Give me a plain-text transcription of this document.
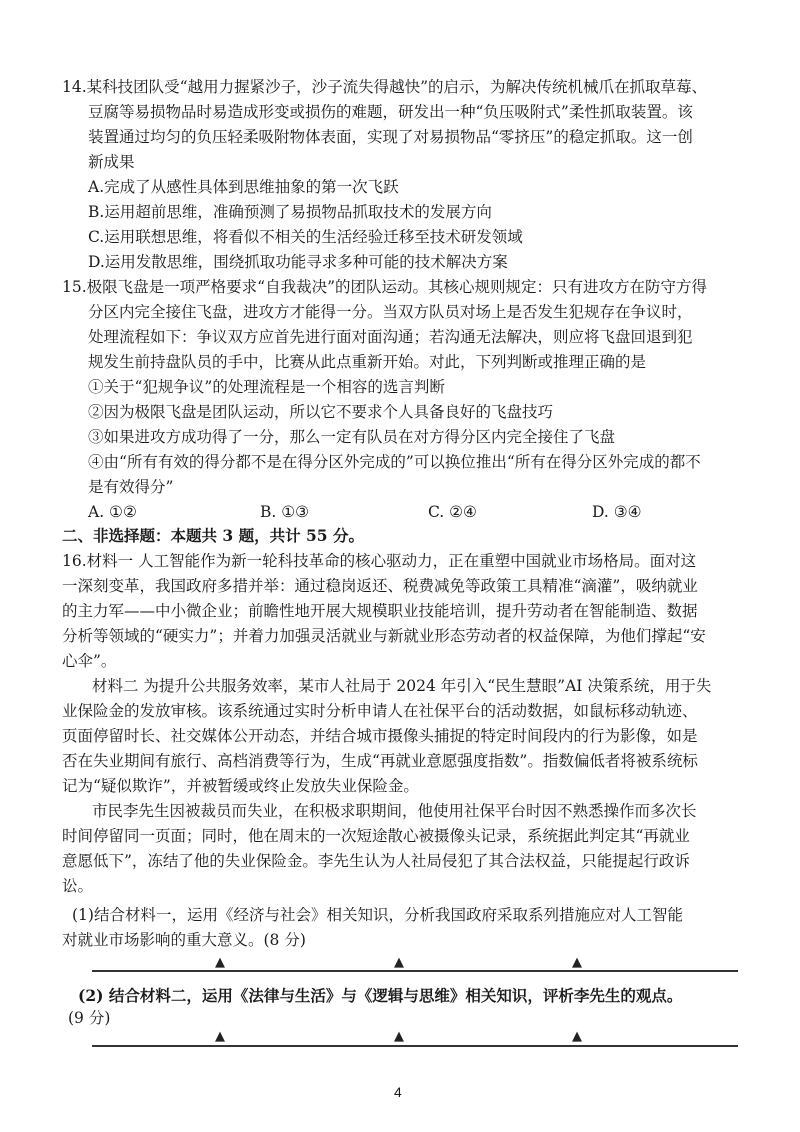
14.某科技团队受“越用力握紧沙子，沙子流失得越快”的启示，为解决传统机械爪在抓取草莓、
豆腐等易损物品时易造成形变或损伤的难题，研发出一种“负压吸附式”柔性抓取装置。该
装置通过均匀的负压轻柔吸附物体表面，实现了对易损物品“零挤压”的稳定抓取。这一创
新成果
A.完成了从感性具体到思维抽象的第一次飞跃
B.运用超前思维，准确预测了易损物品抓取技术的发展方向
C.运用联想思维，将看似不相关的生活经验迁移至技术研发领域
D.运用发散思维，围绕抓取功能寻求多种可能的技术解决方案
15.极限飞盘是一项严格要求“自我裁决”的团队运动。其核心规则规定：只有进攻方在防守方得
分区内完全接住飞盘，进攻方才能得一分。当双方队员对场上是否发生犯规存在争议时，
处理流程如下：争议双方应首先进行面对面沟通；若沟通无法解决，则应将飞盘回退到犯
规发生前持盘队员的手中，比赛从此点重新开始。对此，下列判断或推理正确的是
①关于“犯规争议”的处理流程是一个相容的选言判断
②因为极限飞盘是团队运动，所以它不要求个人具备良好的飞盘技巧
③如果进攻方成功得了一分，那么一定有队员在对方得分区内完全接住了飞盘
④由“所有有效的得分都不是在得分区外完成的”可以换位推出“所有在得分区外完成的都不
是有效得分”
A. ①②	B. ①③	C. ②④	D. ③④
二、非选择题：本题共 3 题，共计 55 分。
16.材料一 人工智能作为新一轮科技革命的核心驱动力，正在重塑中国就业市场格局。面对这
一深刻变革，我国政府多措并举：通过稳岗返还、税费减免等政策工具精准“滴灌”，吸纳就业
的主力军——中小微企业；前瞻性地开展大规模职业技能培训，提升劳动者在智能制造、数据
分析等领域的“硬实力”；并着力加强灵活就业与新就业形态劳动者的权益保障，为他们撑起“安
心伞”。
材料二 为提升公共服务效率，某市人社局于 2024 年引入“民生慧眼”AI 决策系统，用于失
业保险金的发放审核。该系统通过实时分析申请人在社保平台的活动数据，如鼠标移动轨迹、
页面停留时长、社交媒体公开动态，并结合城市摄像头捕捉的特定时间段内的行为影像，如是
否在失业期间有旅行、高档消费等行为，生成“再就业意愿强度指数”。指数偏低者将被系统标
记为“疑似欺诈”，并被暂缓或终止发放失业保险金。
市民李先生因被裁员而失业，在积极求职期间，他使用社保平台时因不熟悉操作而多次长
时间停留同一页面；同时，他在周末的一次短途散心被摄像头记录，系统据此判定其“再就业
意愿低下”，冻结了他的失业保险金。李先生认为人社局侵犯了其合法权益，只能提起行政诉
讼。
(1)结合材料一，运用《经济与社会》相关知识，分析我国政府采取系列措施应对人工智能
对就业市场影响的重大意义。(8 分)
▲	▲	▲
(2) 结合材料二，运用《法律与生活》与《逻辑与思维》相关知识，评析李先生的观点。
(9 分)
▲	▲	▲
4
